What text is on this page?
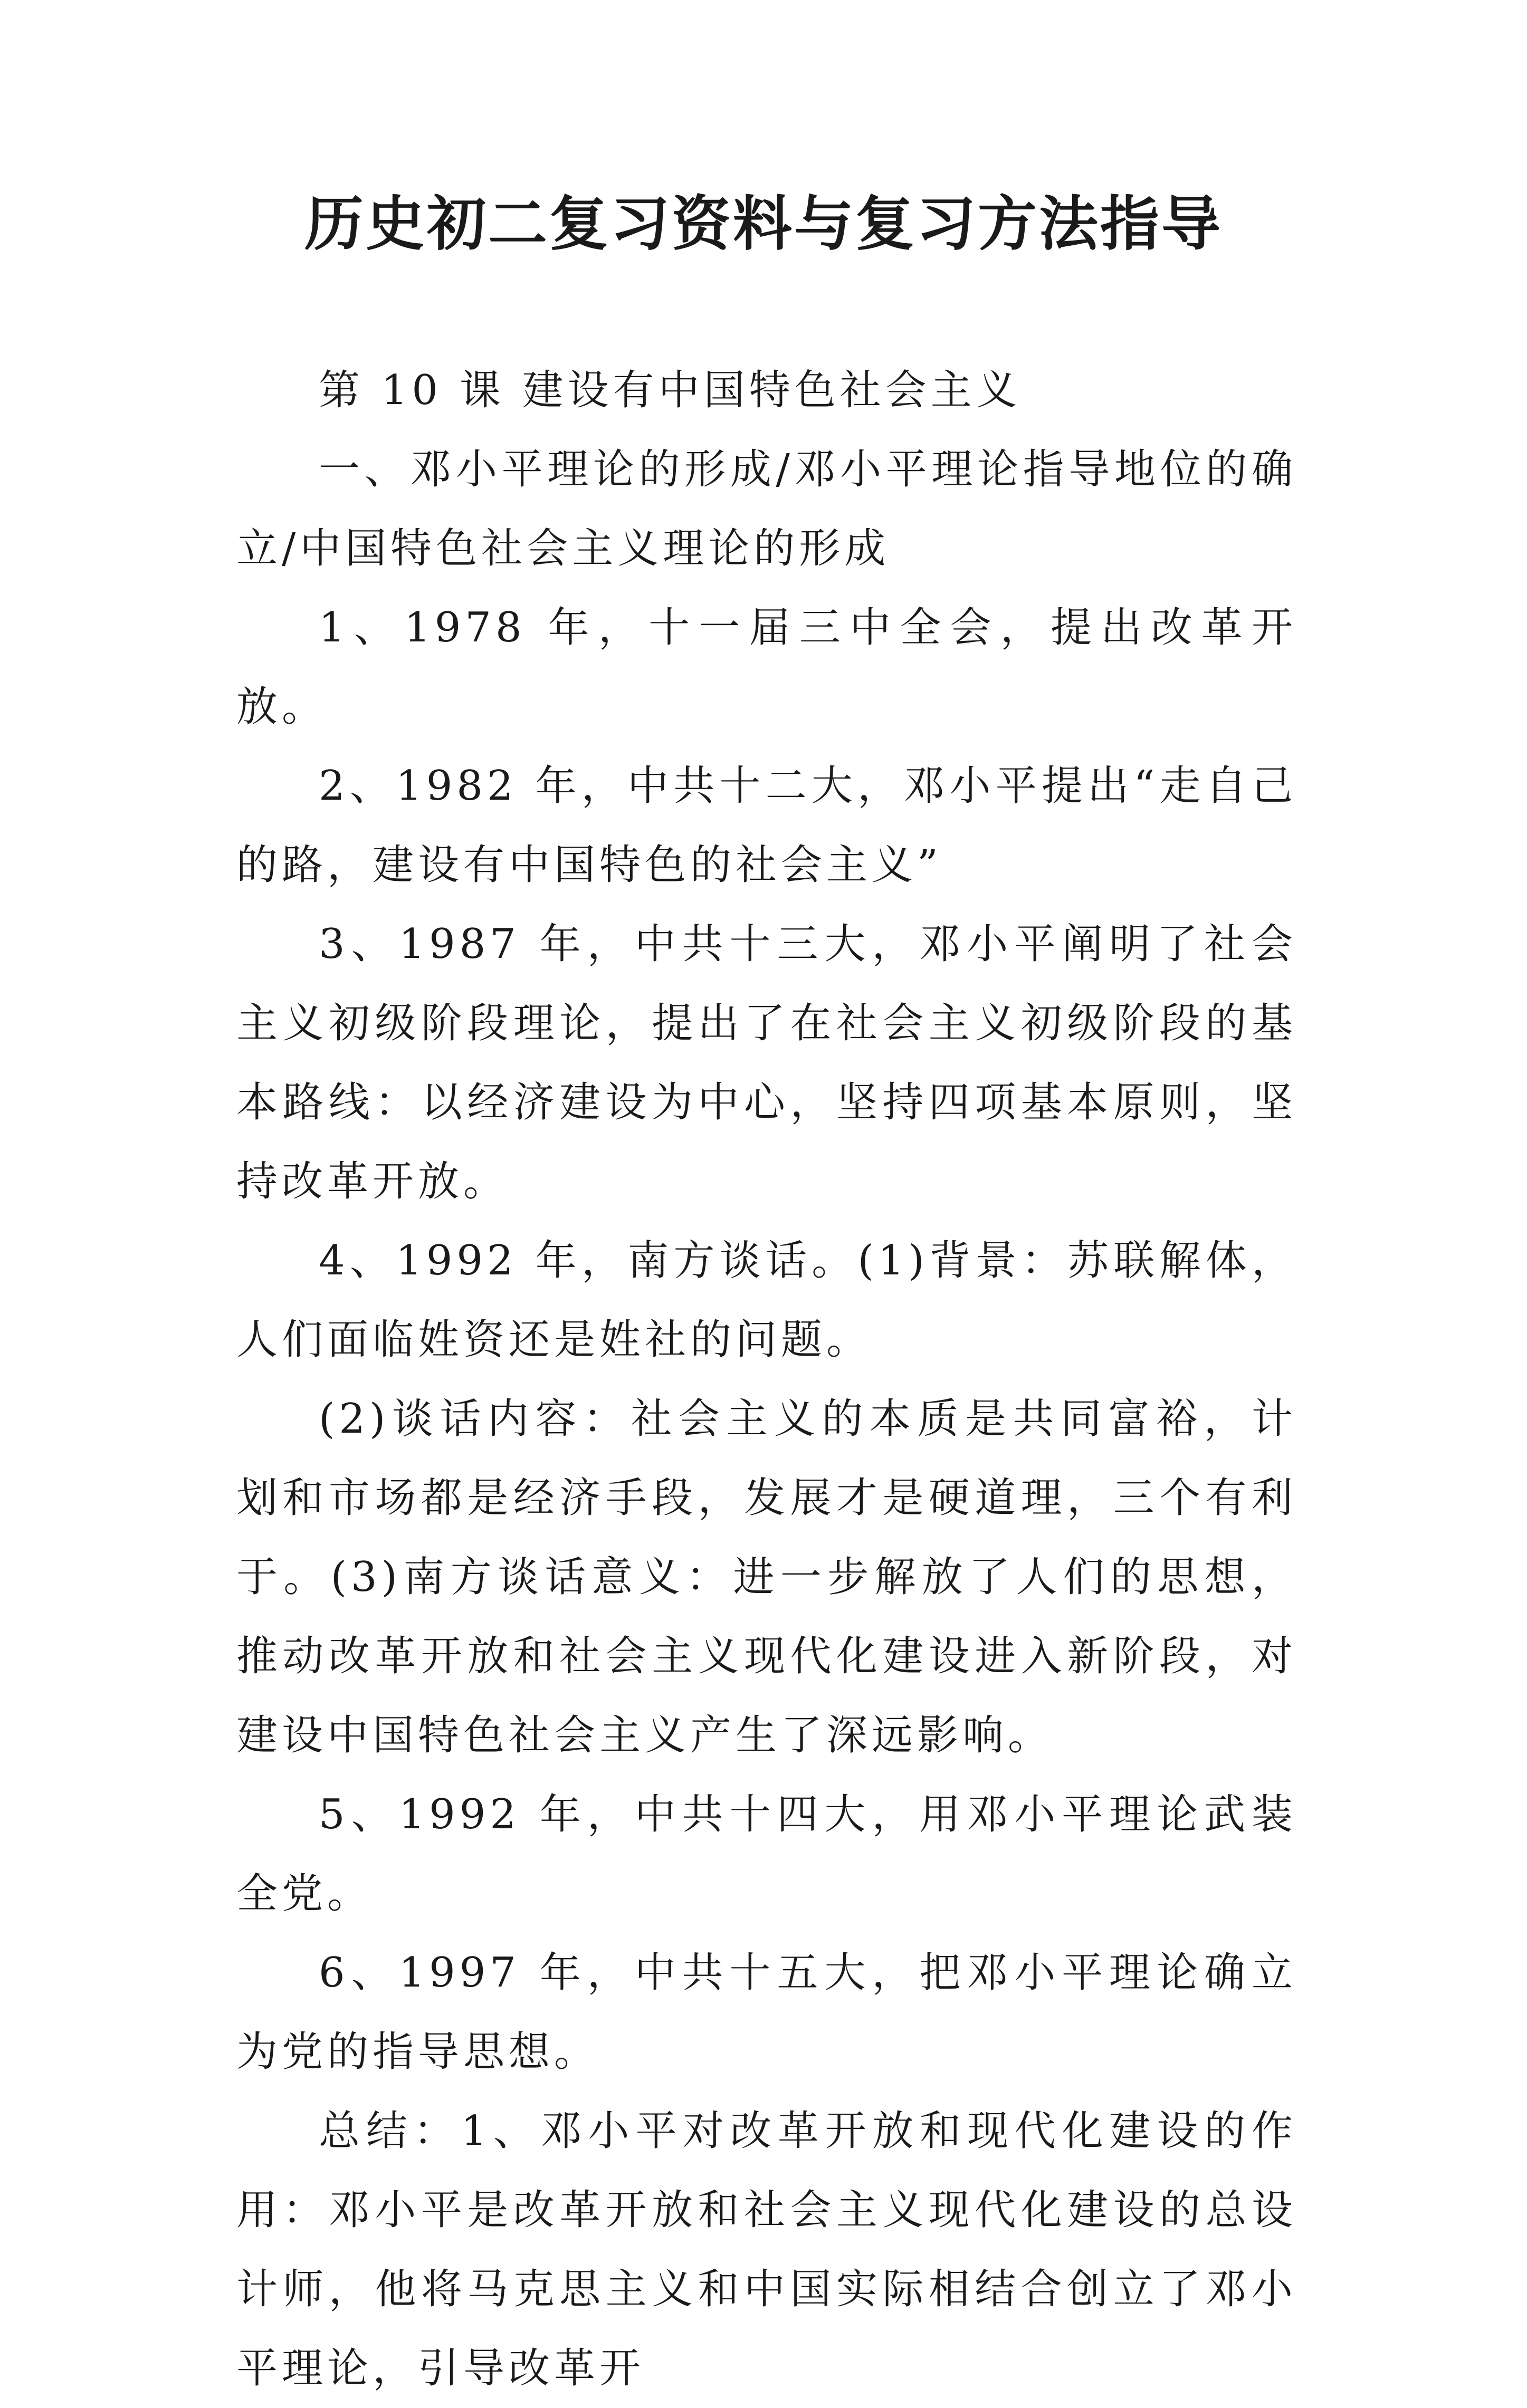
历史初二复习资料与复习方法指导

第 10 课 建设有中国特色社会主义

一、邓小平理论的形成/邓小平理论指导地位的确立/中国特色社会主义理论的形成

1、1978 年，十一届三中全会，提出改革开放。

2、1982 年，中共十二大，邓小平提出“走自己的路，建设有中国特色的社会主义”

3、1987 年，中共十三大，邓小平阐明了社会主义初级阶段理论，提出了在社会主义初级阶段的基本路线：以经济建设为中心，坚持四项基本原则，坚持改革开放。

4、1992 年，南方谈话。(1)背景：苏联解体，人们面临姓资还是姓社的问题。

(2)谈话内容：社会主义的本质是共同富裕，计划和市场都是经济手段，发展才是硬道理，三个有利于。(3)南方谈话意义：进一步解放了人们的思想，推动改革开放和社会主义现代化建设进入新阶段，对建设中国特色社会主义产生了深远影响。

5、1992 年，中共十四大，用邓小平理论武装全党。

6、1997 年，中共十五大，把邓小平理论确立为党的指导思想。

总结：1、邓小平对改革开放和现代化建设的作用：邓小平是改革开放和社会主义现代化建设的总设计师，他将马克思主义和中国实际相结合创立了邓小平理论，引导改革开
